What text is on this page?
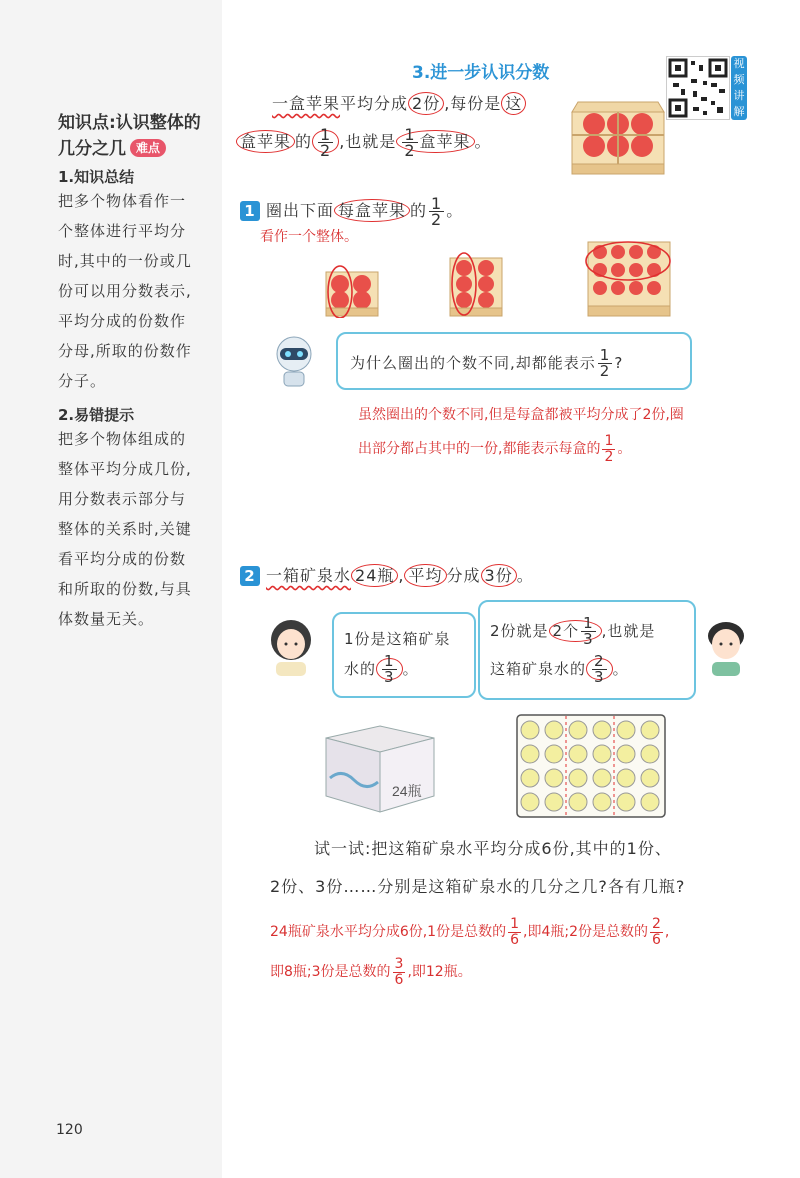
知识点:认识整体的
几分之几 难点
1.知识总结
把多个物体看作一
个整体进行平均分
时,其中的一份或几
份可以用分数表示,
平均分成的份数作
分母,所取的份数作
分子。
2.易错提示
把多个物体组成的
整体平均分成几份,
用分数表示部分与
整体的关系时,关键
看平均分成的份数
和所取的份数,与具
体数量无关。
3.进一步认识分数	视频讲解
一盒苹果平均分成 2份 ,每份是 这
盒苹果 的 $\frac{1}{2}$ ,也就是 $\frac{1}{2}$ 盒苹果 。
1 圈出下面 每盒苹果 的 $\frac{1}{2}$ 。
看作一个整体。
为什么圈出的个数不同,却都能表示 $\frac{1}{2}$ ?
虽然圈出的个数不同,但是每盒都被平均分成了2份,圈
出部分都占其中的一份,都能表示每盒的 $\frac{1}{2}$ 。
2 一箱矿泉水 24瓶 , 平均 分成 3份 。
1份是这箱矿泉
水的 $\frac{1}{3}$ 。
2份就是 2个 $\frac{1}{3}$ ,也就是
这箱矿泉水的 $\frac{2}{3}$ 。
24瓶
试一试:把这箱矿泉水平均分成6份,其中的1份、
2份、3份……分别是这箱矿泉水的几分之几?各有几瓶?
24瓶矿泉水平均分成6份,1份是总数的 $\frac{1}{6}$ ,即4瓶;2份是总数的 $\frac{2}{6}$ ,
即8瓶;3份是总数的 $\frac{3}{6}$ ,即12瓶。
120
